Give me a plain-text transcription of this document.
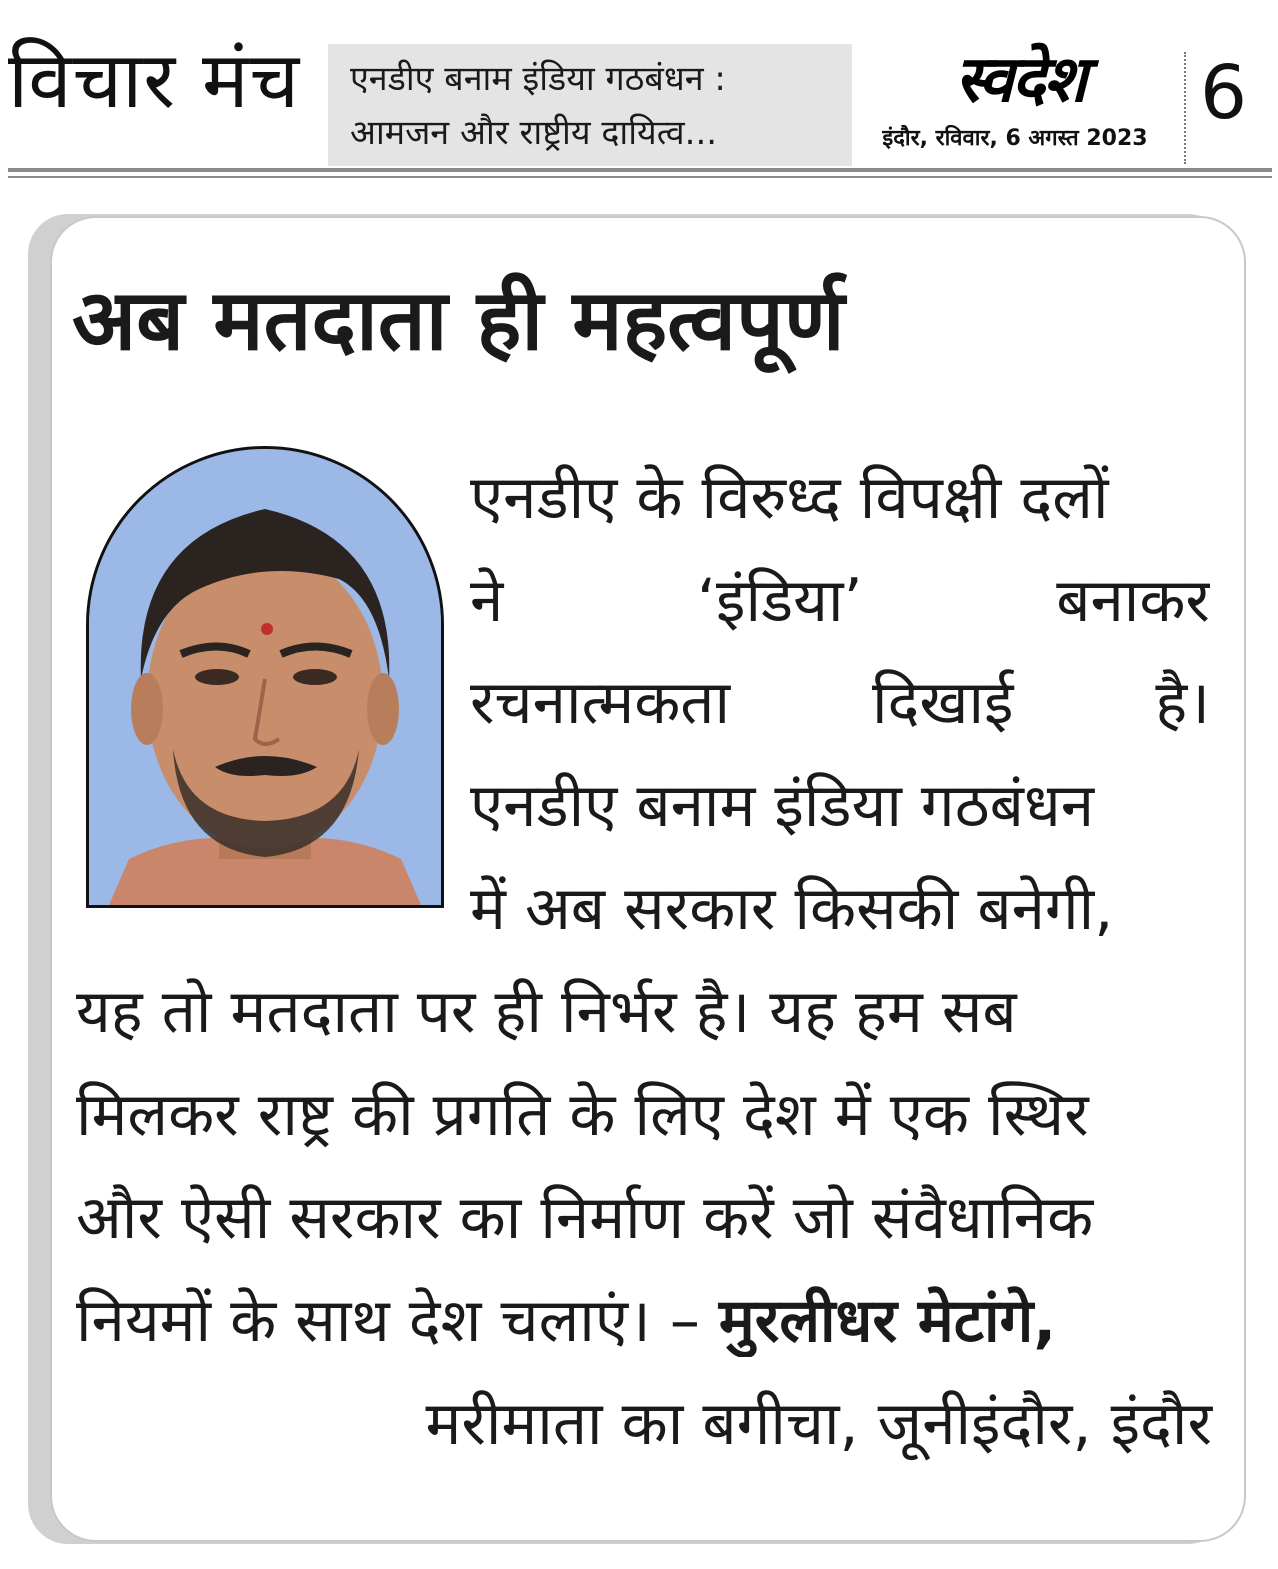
विचार मंच एनडीए बनाम इंडिया गठबंधन :
आमजन और राष्ट्रीय दायित्व...
स्वदेश
इंदौर, रविवार, 6 अगस्त 2023
6
अब मतदाता ही महत्वपूर्ण
एनडीए के विरुध्द विपक्षी दलों
ने	‘इंडिया’	बनाकर
रचनात्मकता दिखाई है।
एनडीए बनाम इंडिया गठबंधन
में अब सरकार किसकी बनेगी,
यह तो मतदाता पर ही निर्भर है। यह हम सब
मिलकर राष्ट्र की प्रगति के लिए देश में एक स्थिर
और ऐसी सरकार का निर्माण करें जो संवैधानिक
नियमों के साथ देश चलाएं। – मुरलीधर मेटांगे,
मरीमाता का बगीचा, जूनीइंदौर, इंदौर
